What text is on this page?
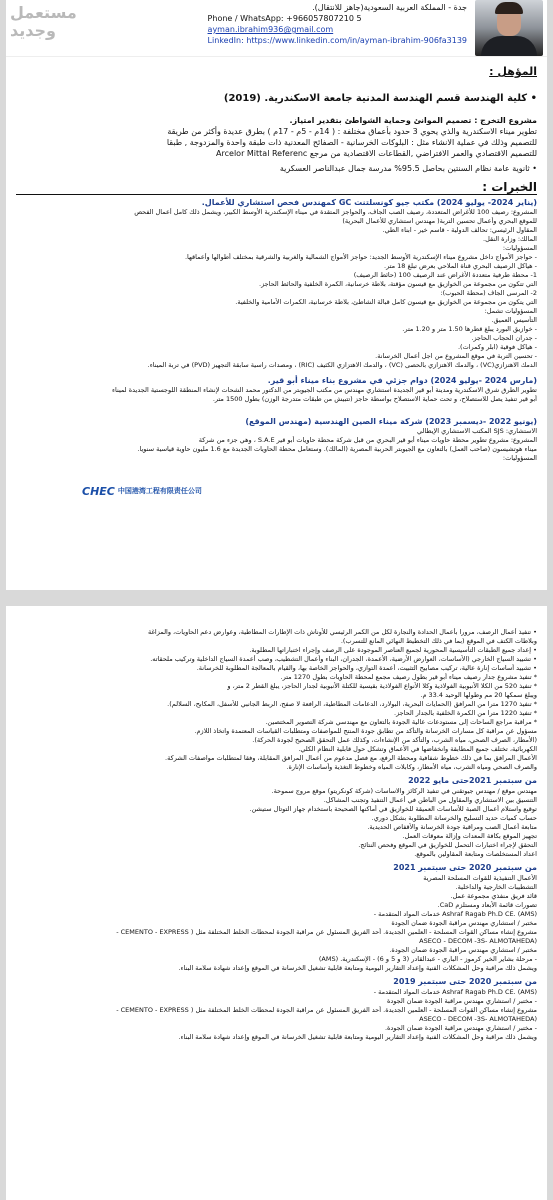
مستعمل
وجديد
جدة - المملكة العربية السعودية(جاهز للانتقال).
Phone / WhatsApp: +966057807210 5
ayman.ibrahim936@gmail.com
LinkedIn: https://www.linkedin.com/in/ayman-ibrahim-906fa3139
المؤهل :

• كلية الهندسة قسم الهندسة المدنية جامعة الاسكندرية. (2019)

مشروع التخرج : تصميم الموانئ وحماية الشواطئ بتقدير امتياز.

تطوير ميناء الاسكندرية والذي يحوي 3 حدود بأعماق مختلفة : ( 14م - 5م - 17م ) بطرق عديدة وأكثر من طريقة

للتصميم وذلك في عملية الانشاء مثل : البلوكات الخرسانية - الصفائح المعدنية ذات طبقة واحدة والمزدوجة , طبقا

للتصميم الاقتصادي والعمر الافتراضي ,القطاعات الاقتصادية من مرجع Arcelor Mittal Referenc

• ثانوية عامة نظام السنتين بحاصل 95.5% مدرسة جمال عبدالناصر العسكرية

الخبرات :

(يناير 2024- يوليو 2024) مكتب جيو كونسلتنت GC كمهندس فحص استشاري للأعمال.

المشروع: رصيف 100 للأغراض المتعددة، رصيف الصب الجاف، والحواجز المتقدة في ميناء الإسكندرية الأوسط الكبير، ويشمل ذلك كامل أعمال الفحص

للموقع البحري وأعمال تحسين التربة( مهندس استشاري للأعمال البحرية)

المقاول الرئيسي: تحالف الدولية - قاسم خير - ابناء الطي.

المالك: وزارة النقل.

المسؤوليات:

- حواجز الأمواج داخل مشروع ميناء الإسكندرية الأوسط الجديد: حواجز الأمواج الشمالية والغربية والشرقية بمختلف أطوالها وأعماقها.

- هياكل الرصيف البحري قناة الملاحي بعرض تبلغ 18 متر.

1- محطة طرفية متعددة الأغراض عند الرصيف 100 (حائط الرصيف)

التي تتكون من مجموعة من الخوازيق مع قيسون مؤقتة، بلاطة خرسانية، الكمرة الخلفية والحائط الحاجز.

2- المرسى الجاف (محطة الحبوب):

التي يتكون من مجموعة من الخوازيق مع قيسون كامل قبالة الشاطئ، بلاطة خرسانية، الكمرات الأمامية والخلفية.

المسؤوليات تشمل:

التأسيس العميق.

- خوازيق البورد يبلغ قطرها 1.50 متر و 1.20 متر.

- جدران الحجاب الحاجز.

- هياكل فوقية (ابلر وكمرات).

- تحسين التربة في موقع المشروع من اجل أعمال الخرسانة.

الدمك الاهتزازي(VC) ، والدمك الاهتزازي بالحصى (VC) ، والدمك الاهتزازي الكثيف (RIC) ، ومصدات راسية سابقة التجهيز (PVD) في تربة الميناء.

(مارس 2024 -يوليو 2024) دوام جزئي في مشروع بناء ميناء أبو قير.

تطوير الطرق شرق الاسكندرية ومدينة أبو قير الجديدة استشاري مهندس من مكتب الجيوبتر من الدكتور محمد الشحات لإنشاء المنطقة اللوجستية الجديدة لميناء

أبو قير تنفيذ يصل للاستصلاح، و تحت حماية الاستصلاح بواسطة حاجز (تتبيش من طبقات متدرجة الوزن) بطول 1500 متر.

(يونيو 2022 -ديسمبر 2023) شركة ميناء الصين الهندسية (مهندس الموقع)

الاستشاري: SJS المكتب الاستشاري الإيطالي

المشروع: مشروع تطوير محطة حاويات ميناء أبو قير البحري من قبل شركة محطة حاويات أبو قير S.A.E ، وهي جزء من شركة

ميناء هوتشيسون (صاحب العمل) بالتعاون مع الجيوبتر الحربية المصرية (المالك). وستعامل محطة الحاويات الجديدة مع 1.6 مليون حاوية قياسية سنويا.

المسؤوليات:

CHEC 中国港湾工程有限责任公司

• تنفيذ أعمال الرصف، مرورا بأعمال الحدادة والنجارة لكل من الكمر الرئيسي للأوناش ذات الإطارات المطاطية، وعوارض دعم الحاويات، والمزاغة

وبلاطات الكتف في الموقع (بما في ذلك التخطيط النهائي المانع للتسرب).

• إعداد جميع الطبقات التأسيسية المحورية لجميع العناصر الموجودة على الرصف وإجراء اختباراتها المطلوبة.

• تشييد السياج الخارجي (الأساسات، العوارض الأرضية، الأعمدة، الجدران، البناء وأعمال التشطيب، وصب أعمدة السياج الداخلية وتركيب ملحقاته.

• تشييد أساسات إنارة عالية، تركيب مصابيح التثبيت، أعمدة التوازي، والحواجز الخاصة بها، والقيام بالمعالجة المطلوبة للخرسانة.

* تنفيذ مشروع جدار رصيف ميناء أبو قير بطول رصيف مجمع لمحطة الحاويات بطول 1270 متر.

* تنفيذ 520 من الكلا الأنبوبية الفولاذية وكلا الأنواع الفولاذية بقيسية للكتلة الأنبوبية لجدار الحاجز، يبلغ القطر 2 متر، و

ويبلغ سمكها 20 مم وطولها الوحيد 33.4 م.

* تنفيذ 1270 مترا من المرافق (الحمايات البحرية، البولارد، الدعامات المطاطية، الرافعة لا صفح، الربط الجانبي للأسفل، المكابح، السلالم).

* تنفيذ 1220 مترا من الكمرة الخلفية بالجدار الحاجز.

* مراقبة مراجع الساحات إلى مستودعات عالية الجودة بالتعاون مع مهندسي شركة التصوير المختصين.

مسؤول عن مراقبة كل مسارات الخرسانة والتأكد من تطابق جودة المنتج للمواصفات ومتطلبات القياسات المعتمدة واتخاذ اللازم.

(الأمطار، الصرف الصحي، مياه الشرب، والتأكد من الإنشاءات، وكذلك عمل التحقق الصحيح لجودة الحركة).

الكهربائية، تختلف جميع المطابقة وانخفاضها في الأعماق وتشكل حول قابلية النظام الكلي.

الأعمال المرافق بما في ذلك خطوط شفافية ومحطة الرفع، مع فصل مدعوم من أعمال المرافق المقابلة، وفقا لمتطلبات مواصفات الشركة.

والصرف الصحي ومياه الشرب، مياه الأمطار، وكابلات المياه وخطوط التغذية وأساسات الإنارة.

من سبتمبر 2021حتى مايو 2022

مهندس موقع / مهندس جيوتقني في تنفيذ الركائز والاساسات (شركة كونكريتو) موقع مروج سموحة.

التنسيق بين الاستشاري والمقاول من الباطن في أعمال التنفيذ وتجنب المشاكل.

توقيع واستلام أعمال الصبة للأساسات العميقة للخوازيق في أماكنها الصحيحة باستخدام جهاز التوتال ستيشن.

حساب كميات حديد التسليح والخرسانة المطلوبة بشكل دوري.

متابعة أعمال الصب ومراقبة جودة الخرسانة والأقفاص الحديدية.

تجهيز الموقع بكافة المعدات وإزالة معوقات العمل.

التحقق لإجراء اختبارات التحمل للخوازيق في الموقع وفحص النتائج.

اعداد المستخلصات ومتابعة المقاولين بالموقع.

من سبتمبر 2020 حتى سبتمبر 2021

الأعمال التنفيذية للقوات المسلحة المصرية

التشطيبات الخارجية والداخلية.

قائد فريق منفذي مجموعة عمل.

تصورات قائمة الأبعاد ومستلزم CaD.

Ashraf Ragab Ph.D CE. (AMS) خدمات المواد المتقدمة -

مختبر / استشاري مهندس مراقبة الجودة ضمان الجودة

مشروع إنشاء مساكن القوات المسلحة - العلمين الجديدة. أحد الفريق المسئول عن مراقبة الجودة لمحطات الخلط المختلفة مثل ( CEMENTO - EXPRESS -

(ASECO - DECOM -3S- ALMOTAHEDA

مختبر / استشاري مهندس مراقبة الجودة ضمان الجودة.

- مرحلة بشاير الخير كرموز - الباري - عبدالقادر (3 و 5 و 6) - الإسكندرية. (AMS)

ويشمل ذلك مراقبة وحل المشكلات الفنية وإعداد التقارير اليومية ومتابعة قابلية تشغيل الخرسانة في الموقع وإعداد شهادة سلامة البناء.

من سبتمبر 2020 حتى سبتمبر 2019

Ashraf Ragab Ph.D CE. (AMS) خدمات المواد المتقدمة -

- مختبر / استشاري مهندس مراقبة الجودة ضمان الجودة

مشروع إنشاء مساكن القوات المسلحة - العلمين الجديدة. أحد الفريق المسئول عن مراقبة الجودة لمحطات الخلط المختلفة مثل ( CEMENTO - EXPRESS -

(ASECO - DECOM -3S- ALMOTAHEDA

- مختبر / استشاري مهندس مراقبة الجودة ضمان الجودة.

ويشمل ذلك مراقبة وحل المشكلات الفنية وإعداد التقارير اليومية ومتابعة قابلية تشغيل الخرسانة في الموقع وإعداد شهادة سلامة البناء.
